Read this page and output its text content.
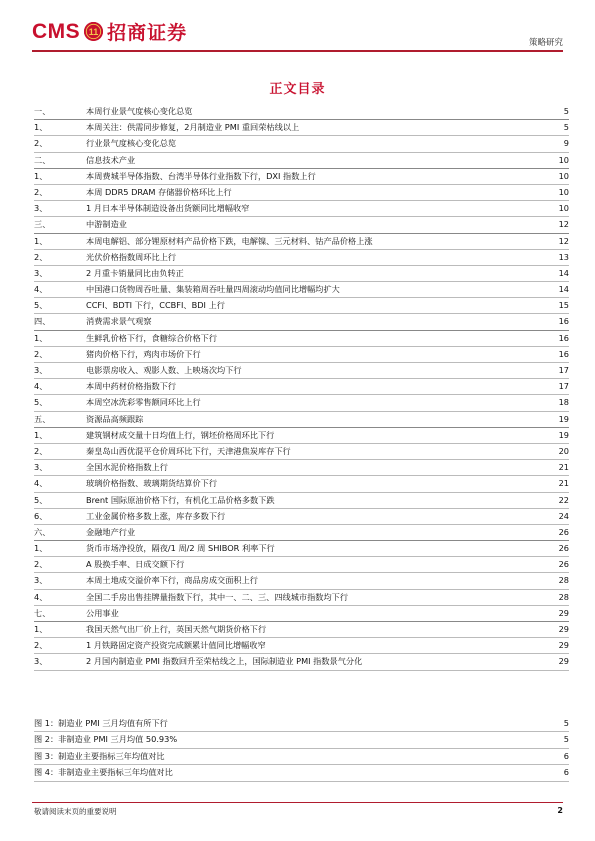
CMS 11 招商证券	策略研究
正文目录
一、	本周行业景气度核心变化总览	5
1、	本周关注：供需同步修复，2月制造业 PMI 重回荣枯线以上	5
2、	行业景气度核心变化总览	9
二、	信息技术产业	10
1、	本周费城半导体指数、台湾半导体行业指数下行，DXI 指数上行	10
2、	本周 DDR5 DRAM 存储器价格环比上行	10
3、	1 月日本半导体制造设备出货额同比增幅收窄	10
三、	中游制造业	12
1、	本周电解铝、部分锂原材料产品价格下跌，电解镍、三元材料、钴产品价格上涨	12
2、	光伏价格指数周环比上行	13
3、	2 月重卡销量同比由负转正	14
4、	中国港口货物周吞吐量、集装箱周吞吐量四周滚动均值同比增幅均扩大	14
5、	CCFI、BDTI 下行，CCBFI、BDI 上行	15
四、	消费需求景气观察	16
1、	生鲜乳价格下行，食糖综合价格下行	16
2、	猪肉价格下行，鸡肉市场价下行	16
3、	电影票房收入、观影人数、上映场次均下行	17
4、	本周中药材价格指数下行	17
5、	本周空冰洗彩零售额同环比上行	18
五、	资源品高频跟踪	19
1、	建筑钢材成交量十日均值上行，钢坯价格周环比下行	19
2、	秦皇岛山西优混平仓价周环比下行，天津港焦炭库存下行	20
3、	全国水泥价格指数上行	21
4、	玻璃价格指数、玻璃期货结算价下行	21
5、	Brent 国际原油价格下行，有机化工品价格多数下跌	22
6、	工业金属价格多数上涨，库存多数下行	24
六、	金融地产行业	26
1、	货币市场净投放，隔夜/1 周/2 周 SHIBOR 利率下行	26
2、	A 股换手率、日成交额下行	26
3、	本周土地成交溢价率下行，商品房成交面积上行	28
4、	全国二手房出售挂牌量指数下行，其中一、二、三、四线城市指数均下行	28
七、	公用事业	29
1、	我国天然气出厂价上行，英国天然气期货价格下行	29
2、	1 月铁路固定资产投资完成额累计值同比增幅收窄	29
3、	2 月国内制造业 PMI 指数回升至荣枯线之上，国际制造业 PMI 指数景气分化	29
图 1：制造业 PMI 三月均值有所下行	5
图 2：非制造业 PMI 三月均值 50.93%	5
图 3：制造业主要指标三年均值对比	6
图 4：非制造业主要指标三年均值对比	6
敬请阅读末页的重要说明	2
